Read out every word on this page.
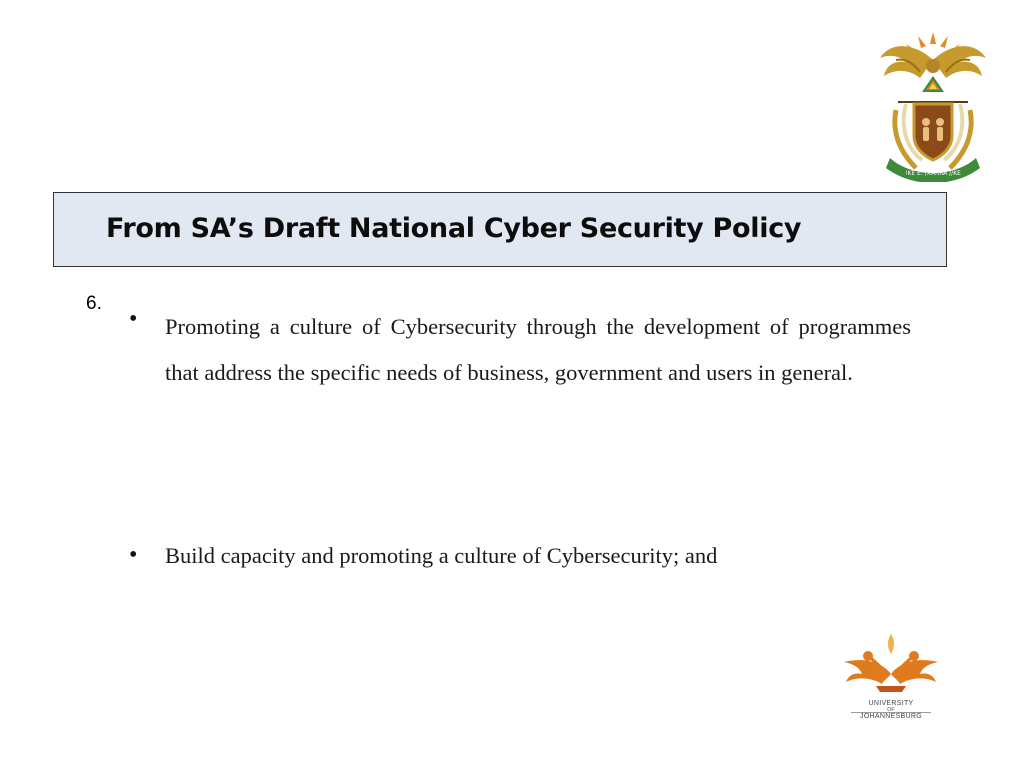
!KE E: /XARRA //KE
From SA’s Draft National Cyber Security Policy
6.
• Promoting a culture of Cybersecurity through the development of programmes that address the specific needs of business, government and users in general.
• Build capacity and promoting a culture of Cybersecurity; and
UNIVERSITY
OF
JOHANNESBURG
